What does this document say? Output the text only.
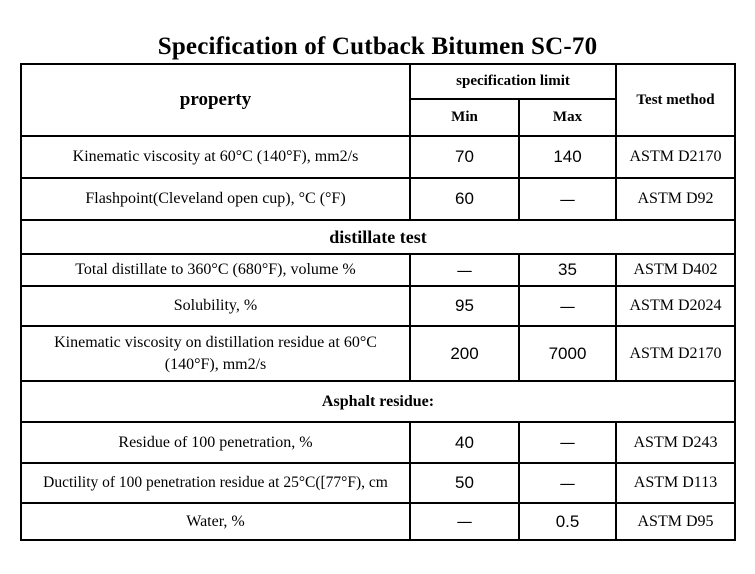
Specification of Cutback Bitumen SC-70
property	specification limit		Test method
	Min	Max	
Kinematic viscosity at 60°C (140°F), mm2/s	70	140	ASTM D2170
Flashpoint(Cleveland open cup), °C (°F)	60	—	ASTM D92
distillate test			
Total distillate to 360°C (680°F), volume %	—	35	ASTM D402
Solubility, %	95	—	ASTM D2024
Kinematic viscosity on distillation residue at 60°C
(140°F), mm2/s	200	7000	ASTM D2170
Asphalt residue:			
Residue of 100 penetration, %	40	—	ASTM D243
Ductility of 100 penetration residue at 25°C([77°F), cm	50	—	ASTM D113
Water, %	—	0.5	ASTM D95
